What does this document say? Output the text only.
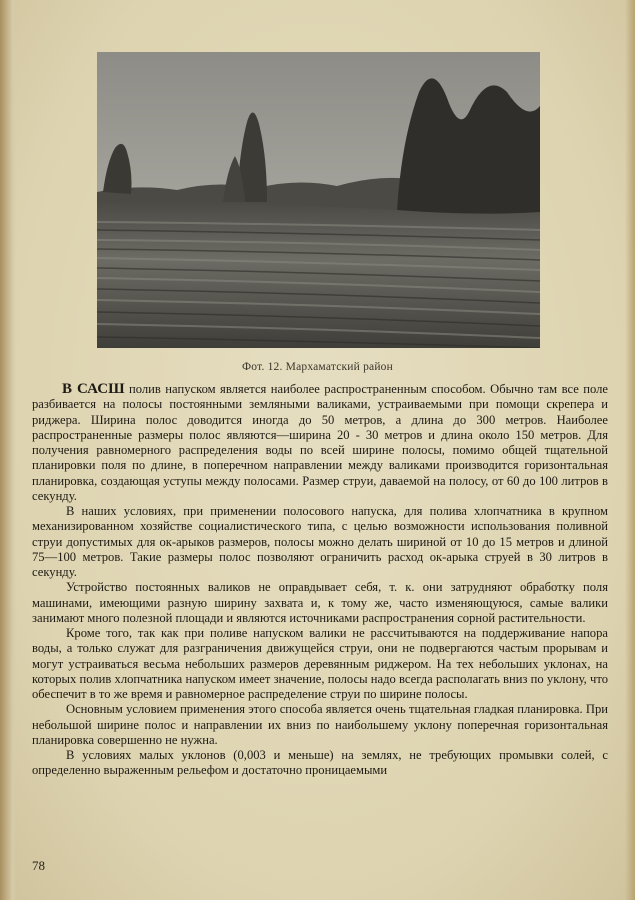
Фот. 12. Мархаматский район

В САСШ полив напуском является наиболее распространенным способом. Обычно там все поле разбивается на полосы постоянными земляными валиками, устраиваемыми при помощи скрепера и риджера. Ширина полос доводится иногда до 50 метров, а длина до 300 метров. Наиболее распространенные размеры полос являются—ширина 20 - 30 метров и длина около 150 метров. Для получения равномерного распределения воды по всей ширине полосы, помимо общей тщательной планировки поля по длине, в поперечном направлении между валиками производится горизонтальная планировка, создающая уступы между полосами. Размер струи, даваемой на полосу, от 60 до 100 литров в секунду.

В наших условиях, при применении полосового напуска, для полива хлопчатника в крупном механизированном хозяйстве социалистического типа, с целью возможности использования поливной струи допустимых для ок-арыков размеров, полосы можно делать шириной от 10 до 15 метров и длиной 75—100 метров. Такие размеры полос позволяют ограничить расход ок-арыка струей в 30 литров в секунду.

Устройство постоянных валиков не оправдывает себя, т. к. они затрудняют обработку поля машинами, имеющими разную ширину захвата и, к тому же, часто изменяющуюся, самые валики занимают много полезной площади и являются источниками распространения сорной растительности.

Кроме того, так как при поливе напуском валики не рассчитываются на поддерживание напора воды, а только служат для разграничения движущейся струи, они не подвергаются частым прорывам и могут устраиваться весьма небольших размеров деревянным риджером. На тех небольших уклонах, на которых полив хлопчатника напуском имеет значение, полосы надо всегда располагать вниз по уклону, что обеспечит в то же время и равномерное распределение струи по ширине полосы.

Основным условием применения этого способа является очень тщательная гладкая планировка. При небольшой ширине полос и направлении их вниз по наибольшему уклону поперечная горизонтальная планировка совершенно не нужна.

В условиях малых уклонов (0,003 и меньше) на землях, не требующих промывки солей, с определенно выраженным рельефом и достаточно проницаемыми

78
